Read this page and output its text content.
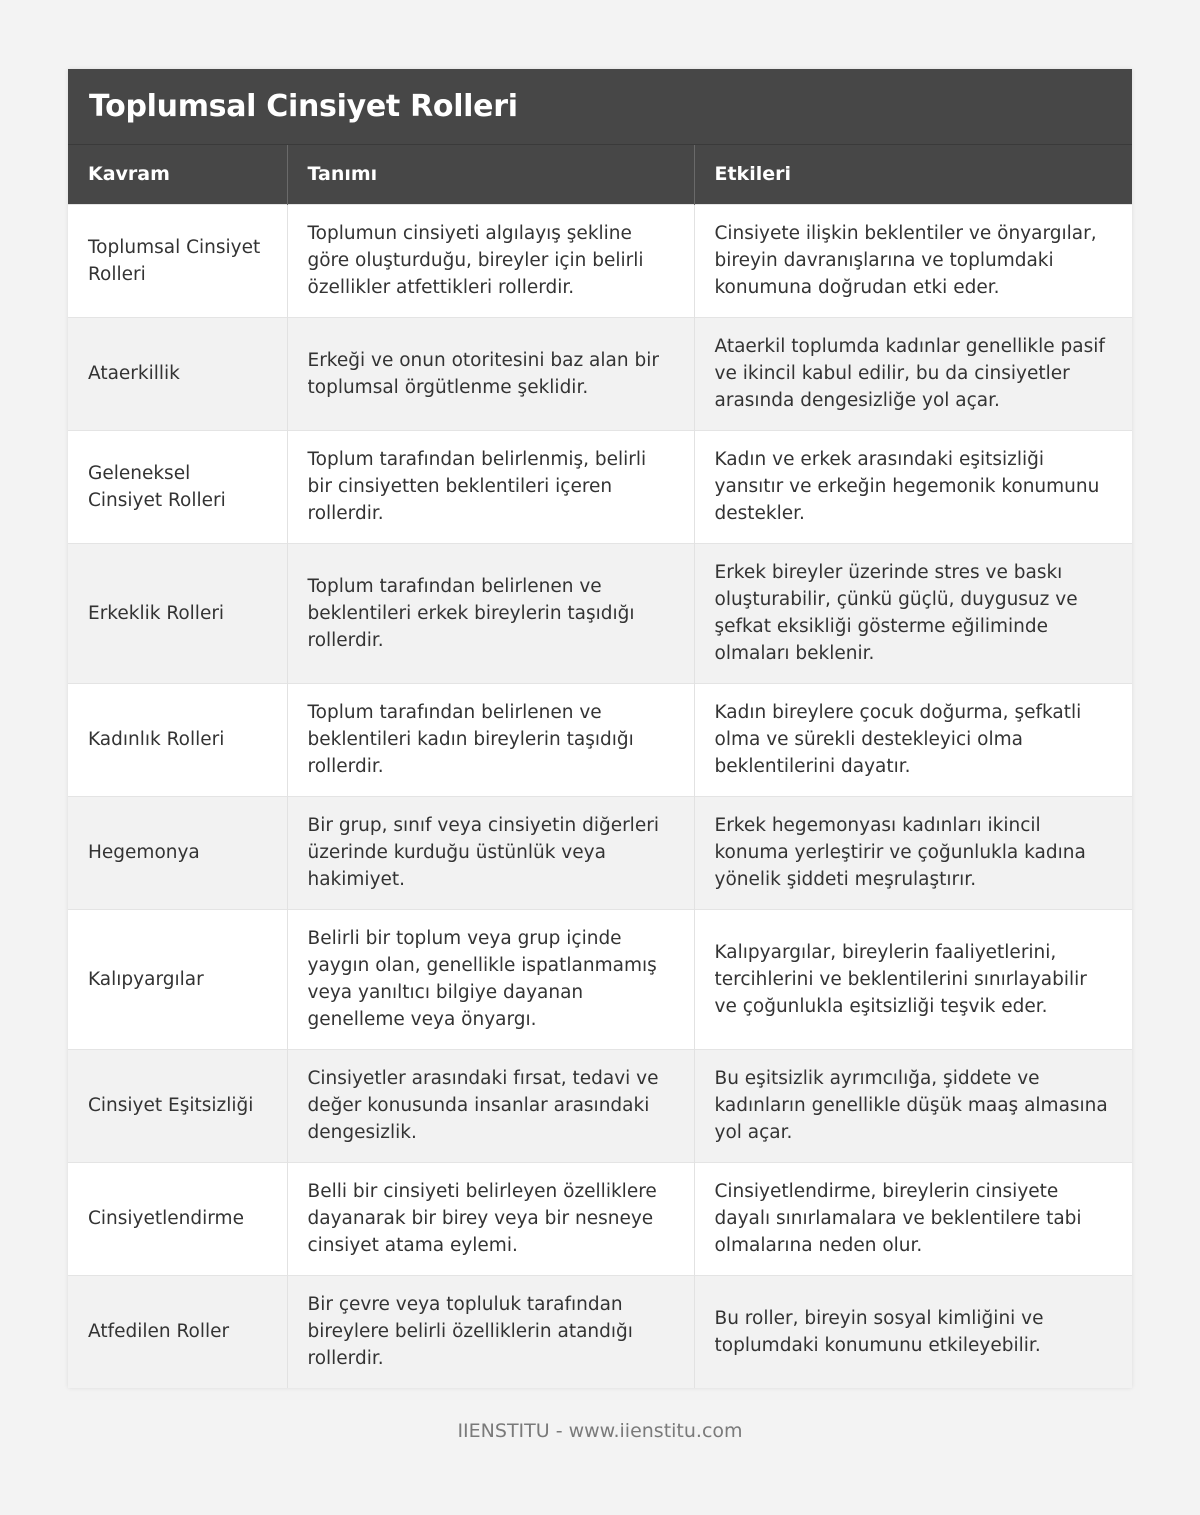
Toplumsal Cinsiyet Rolleri
Kavram	Tanımı	Etkileri
Toplumsal Cinsiyet Rolleri	Toplumun cinsiyeti algılayış şekline göre oluşturduğu, bireyler için belirli özellikler atfettikleri rollerdir.	Cinsiyete ilişkin beklentiler ve önyargılar, bireyin davranışlarına ve toplumdaki konumuna doğrudan etki eder.
Ataerkillik	Erkeği ve onun otoritesini baz alan bir toplumsal örgütlenme şeklidir.	Ataerkil toplumda kadınlar genellikle pasif ve ikincil kabul edilir, bu da cinsiyetler arasında dengesizliğe yol açar.
Geleneksel Cinsiyet Rolleri	Toplum tarafından belirlenmiş, belirli bir cinsiyetten beklentileri içeren rollerdir.	Kadın ve erkek arasındaki eşitsizliği yansıtır ve erkeğin hegemonik konumunu destekler.
Erkeklik Rolleri	Toplum tarafından belirlenen ve beklentileri erkek bireylerin taşıdığı rollerdir.	Erkek bireyler üzerinde stres ve baskı oluşturabilir, çünkü güçlü, duygusuz ve şefkat eksikliği gösterme eğiliminde olmaları beklenir.
Kadınlık Rolleri	Toplum tarafından belirlenen ve beklentileri kadın bireylerin taşıdığı rollerdir.	Kadın bireylere çocuk doğurma, şefkatli olma ve sürekli destekleyici olma beklentilerini dayatır.
Hegemonya	Bir grup, sınıf veya cinsiyetin diğerleri üzerinde kurduğu üstünlük veya hakimiyet.	Erkek hegemonyası kadınları ikincil konuma yerleştirir ve çoğunlukla kadına yönelik şiddeti meşrulaştırır.
Kalıpyargılar	Belirli bir toplum veya grup içinde yaygın olan, genellikle ispatlanmamış veya yanıltıcı bilgiye dayanan genelleme veya önyargı.	Kalıpyargılar, bireylerin faaliyetlerini, tercihlerini ve beklentilerini sınırlayabilir ve çoğunlukla eşitsizliği teşvik eder.
Cinsiyet Eşitsizliği	Cinsiyetler arasındaki fırsat, tedavi ve değer konusunda insanlar arasındaki dengesizlik.	Bu eşitsizlik ayrımcılığa, şiddete ve kadınların genellikle düşük maaş almasına yol açar.
Cinsiyetlendirme	Belli bir cinsiyeti belirleyen özelliklere dayanarak bir birey veya bir nesneye cinsiyet atama eylemi.	Cinsiyetlendirme, bireylerin cinsiyete dayalı sınırlamalara ve beklentilere tabi olmalarına neden olur.
Atfedilen Roller	Bir çevre veya topluluk tarafından bireylere belirli özelliklerin atandığı rollerdir.	Bu roller, bireyin sosyal kimliğini ve toplumdaki konumunu etkileyebilir.
IIENSTITU - www.iienstitu.com
